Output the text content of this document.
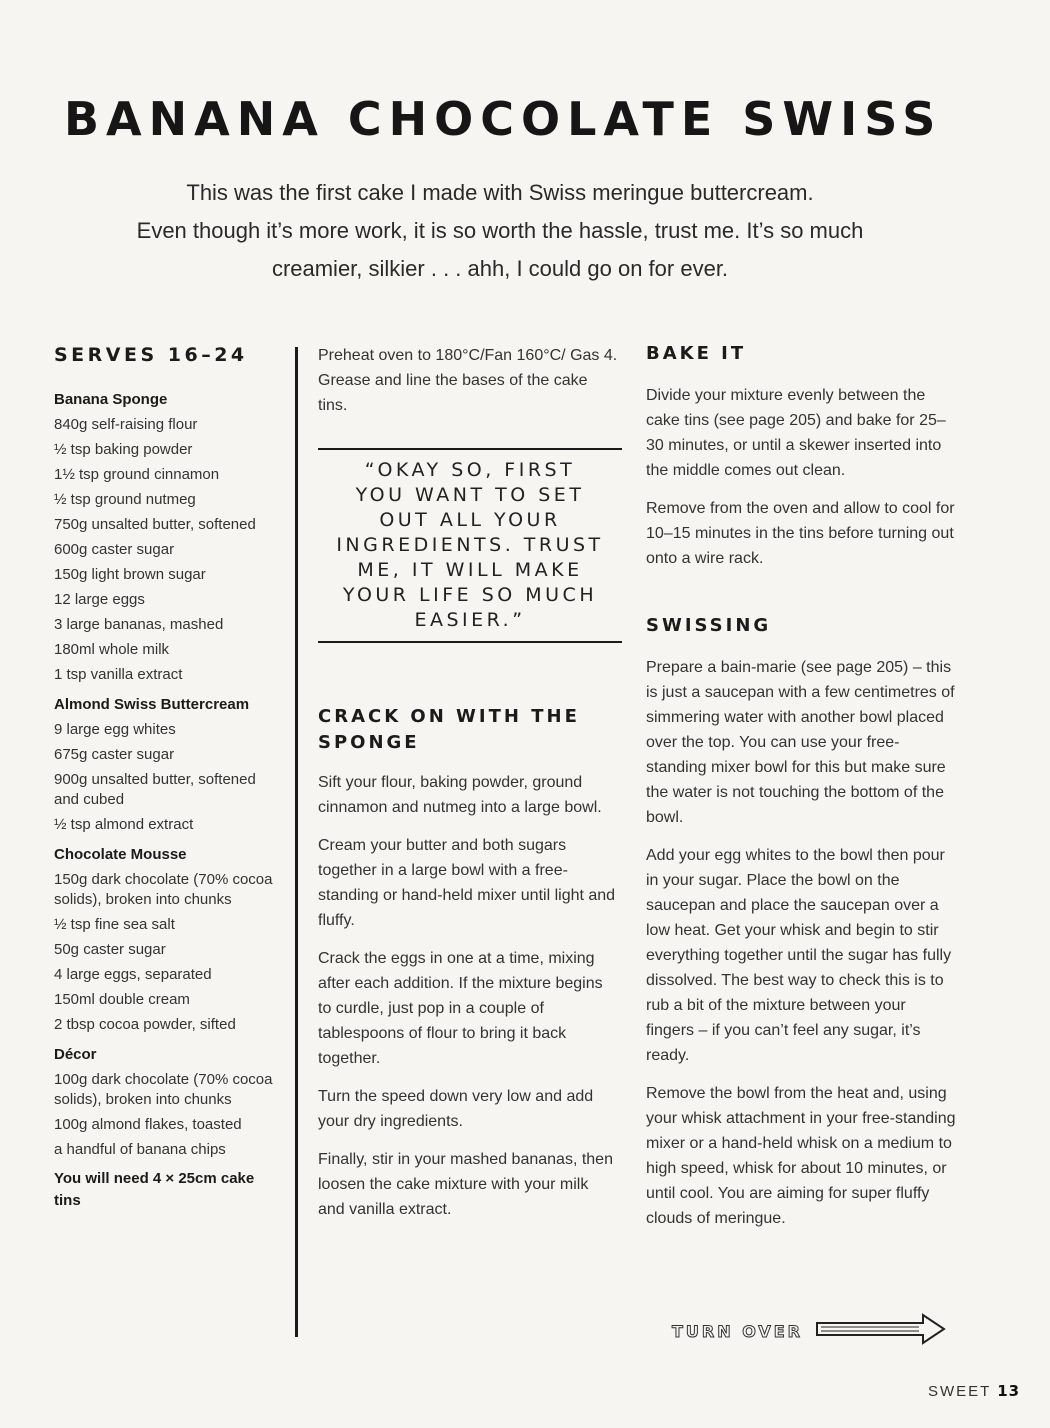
BANANA CHOCOLATE SWISS
This was the first cake I made with Swiss meringue buttercream.
Even though it’s more work, it is so worth the hassle, trust me. It’s so much
creamier, silkier . . . ahh, I could go on for ever.
SERVES 16–24
Banana Sponge
840g self-raising flour
½ tsp baking powder
1½ tsp ground cinnamon
½ tsp ground nutmeg
750g unsalted butter, softened
600g caster sugar
150g light brown sugar
12 large eggs
3 large bananas, mashed
180ml whole milk
1 tsp vanilla extract
Almond Swiss Buttercream
9 large egg whites
675g caster sugar
900g unsalted butter, softened and cubed
½ tsp almond extract
Chocolate Mousse
150g dark chocolate (70% cocoa solids), broken into chunks
½ tsp fine sea salt
50g caster sugar
4 large eggs, separated
150ml double cream
2 tbsp cocoa powder, sifted
Décor
100g dark chocolate (70% cocoa solids), broken into chunks
100g almond flakes, toasted
a handful of banana chips
You will need 4 × 25cm cake tins

Preheat oven to 180°C/Fan 160°C/ Gas 4. Grease and line the bases of the cake tins.

“OKAY SO, FIRST
YOU WANT TO SET
OUT ALL YOUR
INGREDIENTS. TRUST
ME, IT WILL MAKE
YOUR LIFE SO MUCH
EASIER.”
CRACK ON WITH THE SPONGE

Sift your flour, baking powder, ground cinnamon and nutmeg into a large bowl.

Cream your butter and both sugars together in a large bowl with a free-standing or hand-held mixer until light and fluffy.

Crack the eggs in one at a time, mixing after each addition. If the mixture begins to curdle, just pop in a couple of tablespoons of flour to bring it back together.

Turn the speed down very low and add your dry ingredients.

Finally, stir in your mashed bananas, then loosen the cake mixture with your milk and vanilla extract.

BAKE IT

Divide your mixture evenly between the cake tins (see page 205) and bake for 25–30 minutes, or until a skewer inserted into the middle comes out clean.

Remove from the oven and allow to cool for 10–15 minutes in the tins before turning out onto a wire rack.

SWISSING

Prepare a bain-marie (see page 205) – this is just a saucepan with a few centimetres of simmering water with another bowl placed over the top. You can use your free-standing mixer bowl for this but make sure the water is not touching the bottom of the bowl.

Add your egg whites to the bowl then pour in your sugar. Place the bowl on the saucepan and place the saucepan over a low heat. Get your whisk and begin to stir everything together until the sugar has fully dissolved. The best way to check this is to rub a bit of the mixture between your fingers – if you can’t feel any sugar, it’s ready.

Remove the bowl from the heat and, using your whisk attachment in your free-standing mixer or a hand-held whisk on a medium to high speed, whisk for about 10 minutes, or until cool. You are aiming for super fluffy clouds of meringue.

TURN OVER
SWEET 13
